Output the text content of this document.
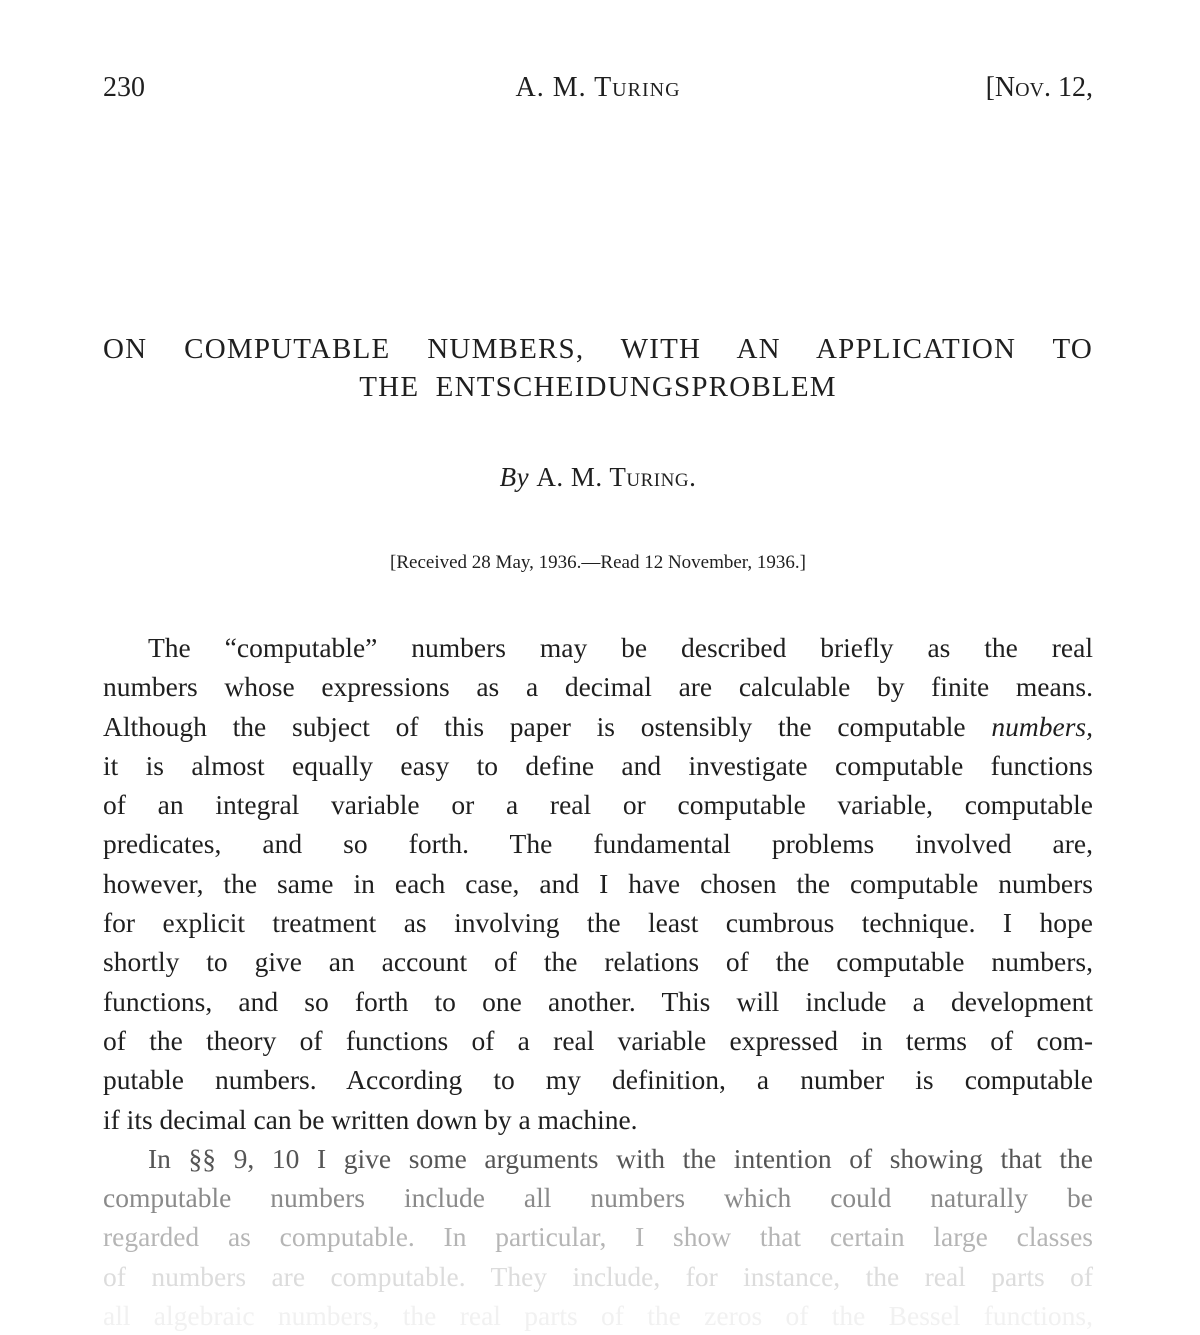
230	A. M. Turing	[Nov. 12,
ON COMPUTABLE NUMBERS, WITH AN APPLICATION TO
THE ENTSCHEIDUNGSPROBLEM
By A. M. Turing.
[Received 28 May, 1936.—Read 12 November, 1936.]
The “computable” numbers may be described briefly as the real
numbers whose expressions as a decimal are calculable by finite means.
Although the subject of this paper is ostensibly the computable numbers,
it is almost equally easy to define and investigate computable functions
of an integral variable or a real or computable variable, computable
predicates, and so forth. The fundamental problems involved are,
however, the same in each case, and I have chosen the computable numbers
for explicit treatment as involving the least cumbrous technique. I hope
shortly to give an account of the relations of the computable numbers,
functions, and so forth to one another. This will include a development
of the theory of functions of a real variable expressed in terms of com-
putable numbers. According to my definition, a number is computable
if its decimal can be written down by a machine.
In §§ 9, 10 I give some arguments with the intention of showing that the
computable numbers include all numbers which could naturally be
regarded as computable. In particular, I show that certain large classes
of numbers are computable. They include, for instance, the real parts of
all algebraic numbers, the real parts of the zeros of the Bessel functions,
